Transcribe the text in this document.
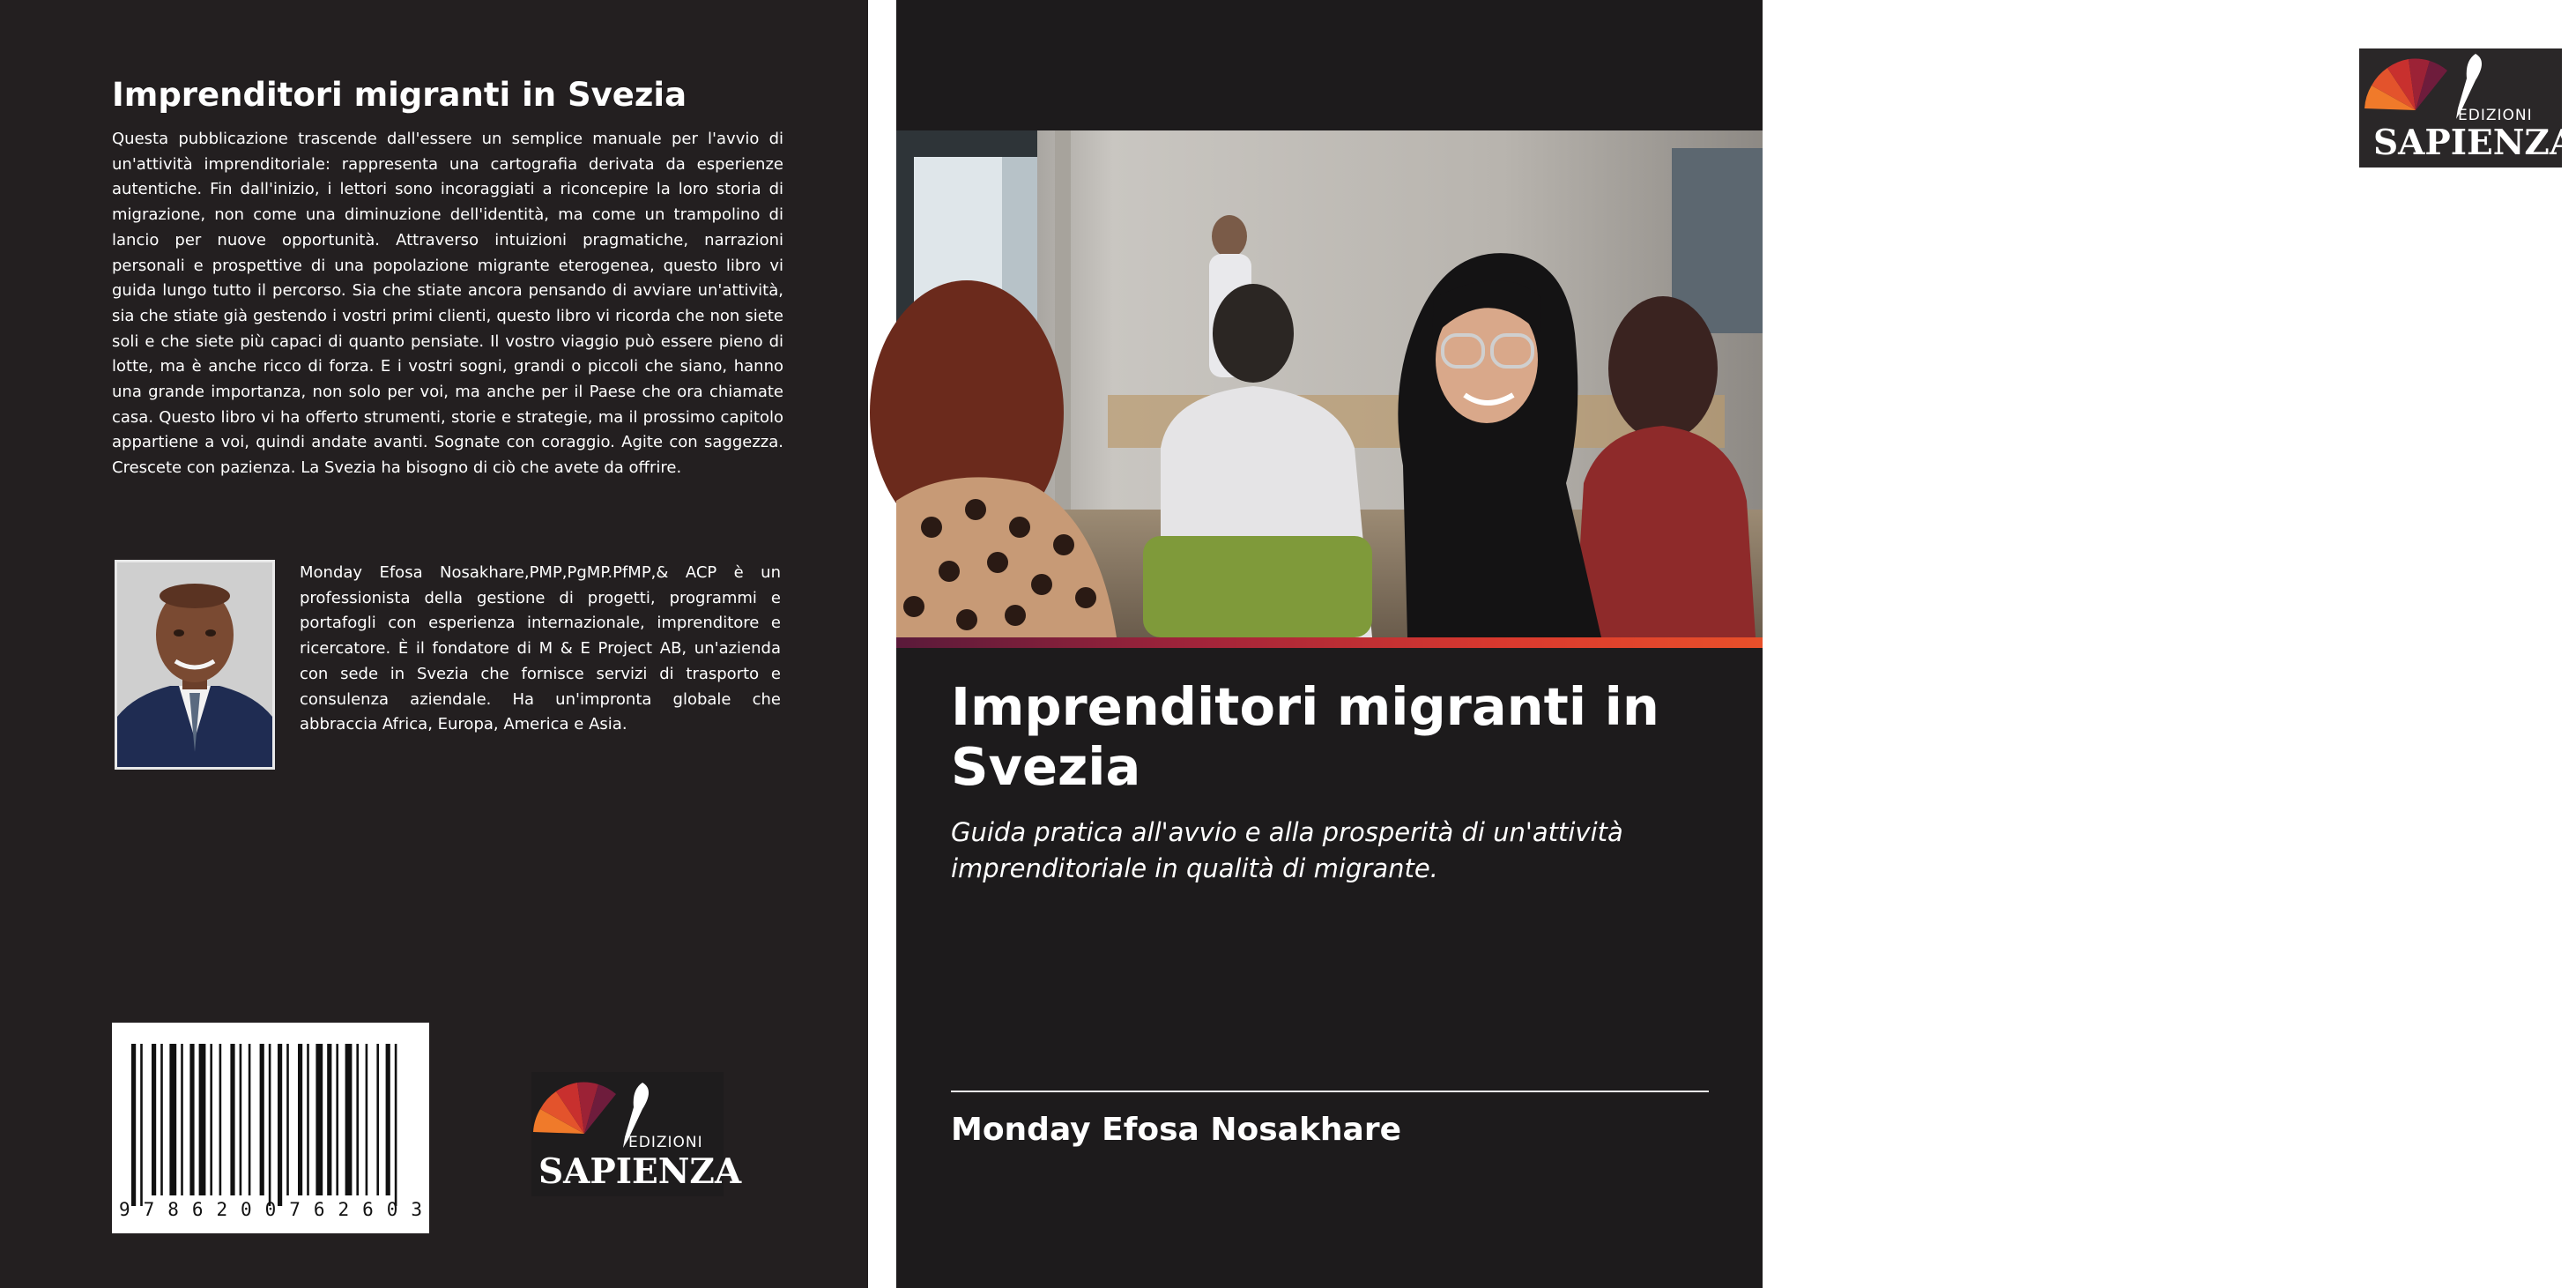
Imprenditori migranti in Svezia

Questa pubblicazione trascende dall'essere un semplice manuale per l'avvio di un'attività imprenditoriale: rappresenta una cartografia derivata da esperienze autentiche. Fin dall'inizio, i lettori sono incoraggiati a riconcepire la loro storia di migrazione, non come una diminuzione dell'identità, ma come un trampolino di lancio per nuove opportunità. Attraverso intuizioni pragmatiche, narrazioni personali e prospettive di una popolazione migrante eterogenea, questo libro vi guida lungo tutto il percorso. Sia che stiate ancora pensando di avviare un'attività, sia che stiate già gestendo i vostri primi clienti, questo libro vi ricorda che non siete soli e che siete più capaci di quanto pensiate. Il vostro viaggio può essere pieno di lotte, ma è anche ricco di forza. E i vostri sogni, grandi o piccoli che siano, hanno una grande importanza, non solo per voi, ma anche per il Paese che ora chiamate casa. Questo libro vi ha offerto strumenti, storie e strategie, ma il prossimo capitolo appartiene a voi, quindi andate avanti. Sognate con coraggio. Agite con saggezza. Crescete con pazienza. La Svezia ha bisogno di ciò che avete da offrire.

Monday Efosa Nosakhare,PMP,PgMP.PfMP,& ACP è un professionista della gestione di progetti, programmi e portafogli con esperienza internazionale, imprenditore e ricercatore. È il fondatore di M & E Project AB, un'azienda con sede in Svezia che fornisce servizi di trasporto e consulenza aziendale. Ha un'impronta globale che abbraccia Africa, Europa, America e Asia.

9 7 8 6 2 0 0 7 6 2 6 0 3
EDIZIONI
SAPIENZA
EDIZIONI
SAPIENZA
Imprenditori migranti in Svezia

Guida pratica all'avvio e alla prosperità di un'attività imprenditoriale in qualità di migrante.

Monday Efosa Nosakhare
